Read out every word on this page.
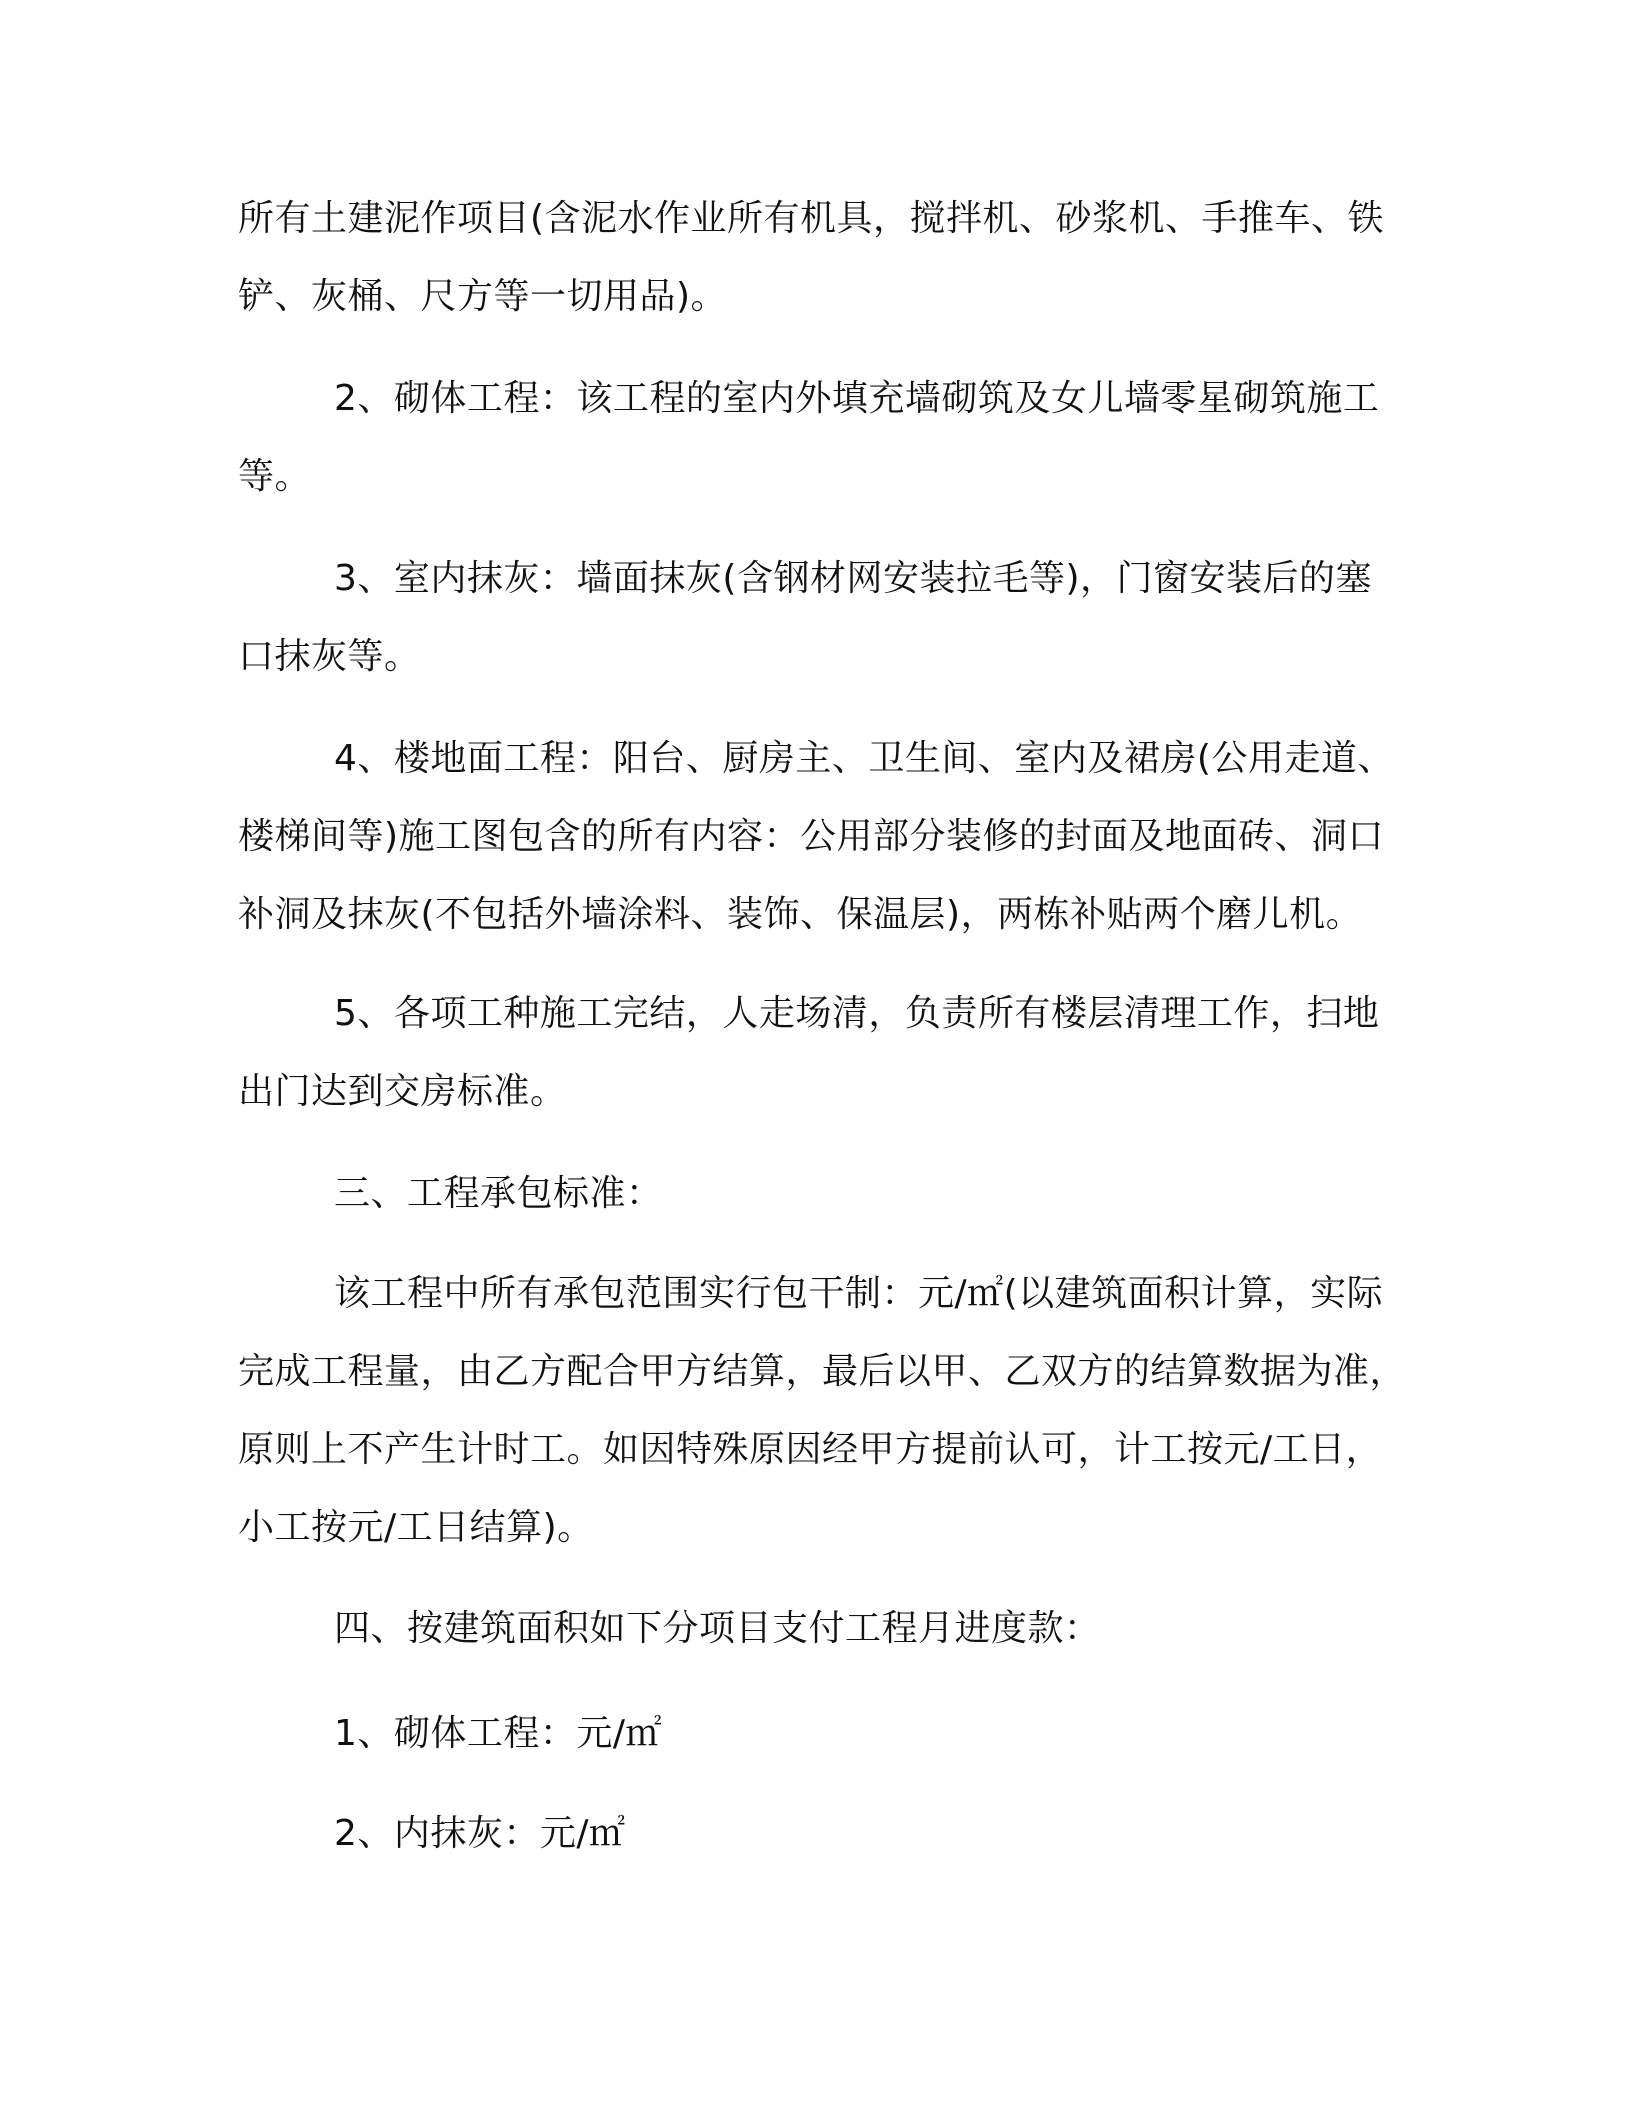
所有土建泥作项目(含泥水作业所有机具，搅拌机、砂浆机、手推车、铁铲、灰桶、尺方等一切用品)。

2、砌体工程：该工程的室内外填充墙砌筑及女儿墙零星砌筑施工等。

3、室内抹灰：墙面抹灰(含钢材网安装拉毛等)，门窗安装后的塞口抹灰等。

4、楼地面工程：阳台、厨房主、卫生间、室内及裙房(公用走道、楼梯间等)施工图包含的所有内容：公用部分装修的封面及地面砖、洞口补洞及抹灰(不包括外墙涂料、装饰、保温层)，两栋补贴两个磨儿机。

5、各项工种施工完结，人走场清，负责所有楼层清理工作，扫地出门达到交房标准。

三、工程承包标准：

该工程中所有承包范围实行包干制：元/㎡(以建筑面积计算，实际完成工程量，由乙方配合甲方结算，最后以甲、乙双方的结算数据为准，原则上不产生计时工。如因特殊原因经甲方提前认可，计工按元/工日，小工按元/工日结算)。

四、按建筑面积如下分项目支付工程月进度款：

1、砌体工程：元/㎡

2、内抹灰：元/㎡
